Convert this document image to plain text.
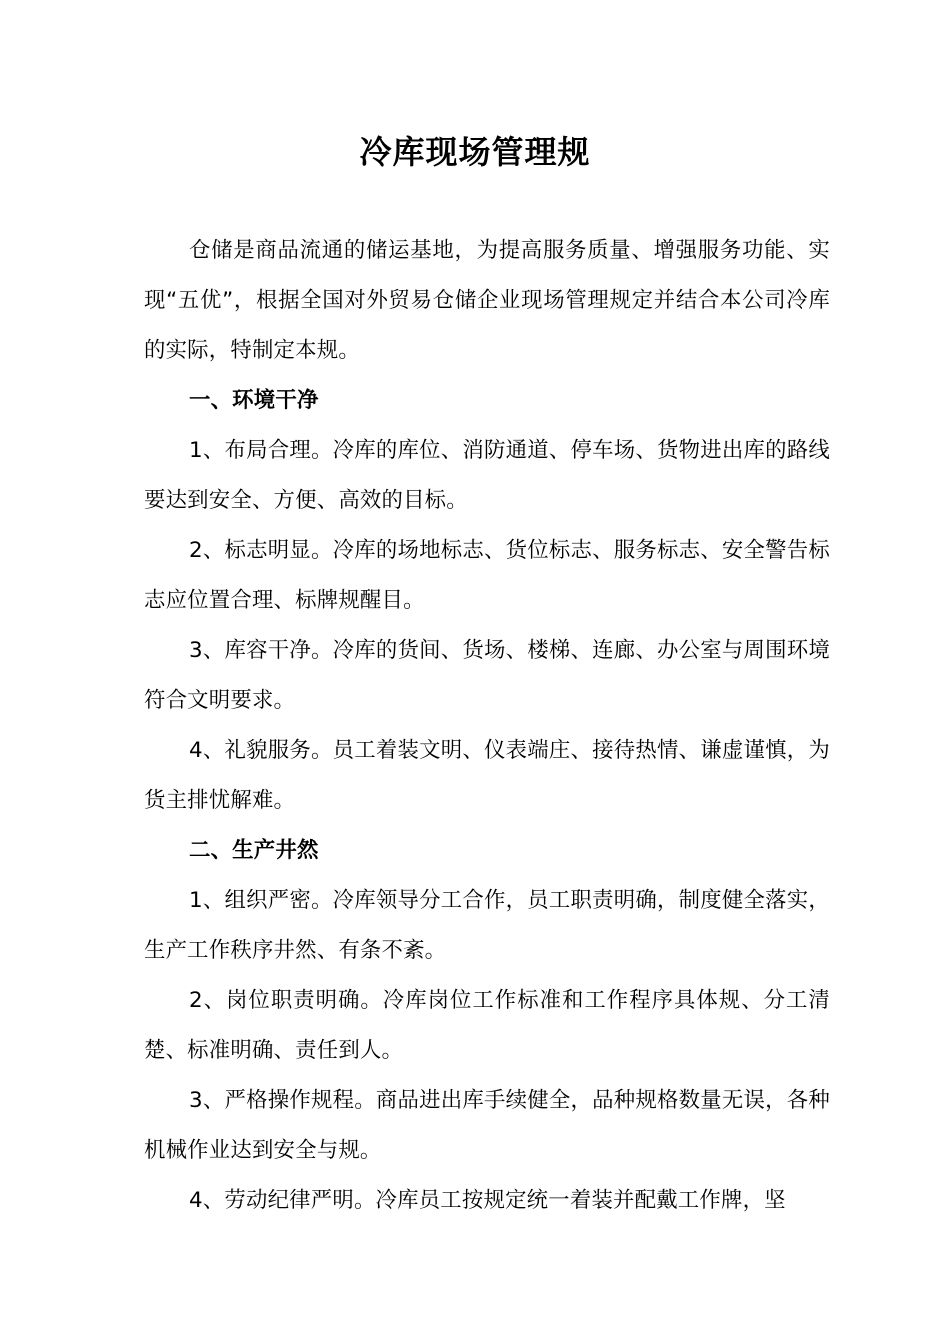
冷库现场管理规

仓储是商品流通的储运基地，为提高服务质量、增强服务功能、实现“五优”，根据全国对外贸易仓储企业现场管理规定并结合本公司冷库的实际，特制定本规。

一、环境干净

1、布局合理。冷库的库位、消防通道、停车场、货物进出库的路线要达到安全、方便、高效的目标。

2、标志明显。冷库的场地标志、货位标志、服务标志、安全警告标志应位置合理、标牌规醒目。

3、库容干净。冷库的货间、货场、楼梯、连廊、办公室与周围环境符合文明要求。

4、礼貌服务。员工着装文明、仪表端庄、接待热情、谦虚谨慎，为货主排忧解难。

二、生产井然

1、组织严密。冷库领导分工合作，员工职责明确，制度健全落实，生产工作秩序井然、有条不紊。

2、岗位职责明确。冷库岗位工作标准和工作程序具体规、分工清楚、标准明确、责任到人。

3、严格操作规程。商品进出库手续健全，品种规格数量无误，各种机械作业达到安全与规。

4、劳动纪律严明。冷库员工按规定统一着装并配戴工作牌，坚
